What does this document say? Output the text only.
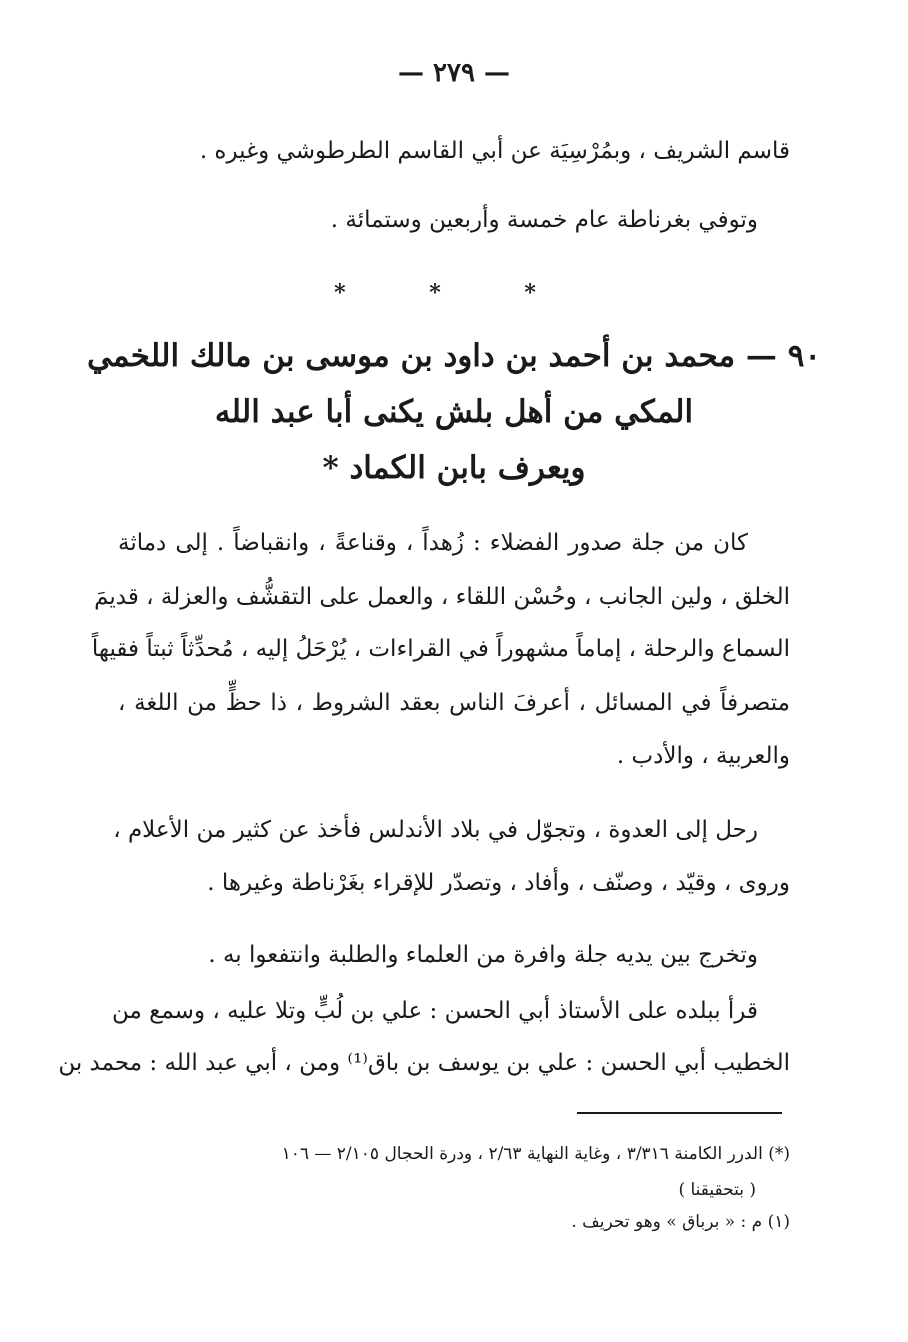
— ٢٧٩ —
قاسم الشريف ، وبمُرْسِيَة عن أبي القاسم الطرطوشي وغيره .
وتوفي بغرناطة عام خمسة وأربعين وستمائة .
* * *
٩٠ — محمد بن أحمد بن داود بن موسى بن مالك اللخمي
المكي من أهل بلش يكنى أبا عبد الله
ويعرف بابن الكماد *
كان من جلة صدور الفضلاء : زُهداً ، وقناعةً ، وانقباضاً . إلى دماثة
الخلق ، ولين الجانب ، وحُسْن اللقاء ، والعمل على التقشُّف والعزلة ، قديمَ
السماع والرحلة ، إماماً مشهوراً في القراءات ، يُرْحَلُ إليه ، مُحدِّثاً ثبتاً فقيهاً
متصرفاً في المسائل ، أعرفَ الناس بعقد الشروط ، ذا حظٍّ من اللغة ،
والعربية ، والأدب .
رحل إلى العدوة ، وتجوّل في بلاد الأندلس فأخذ عن كثير من الأعلام ،
وروى ، وقيّد ، وصنّف ، وأفاد ، وتصدّر للإقراء بغَرْناطة وغيرها .
وتخرج بين يديه جلة وافرة من العلماء والطلبة وانتفعوا به .
قرأ ببلده على الأستاذ أبي الحسن : علي بن لُبٍّ وتلا عليه ، وسمع من
الخطيب أبي الحسن : علي بن يوسف بن باق⁽¹⁾ ومن ، أبي عبد الله : محمد بن
(*) الدرر الكامنة ٣/٣١٦ ، وغاية النهاية ٢/٦٣ ، ودرة الحجال ٢/١٠٥ — ١٠٦
( بتحقيقنا )
(١) م : « برباق » وهو تحريف .
